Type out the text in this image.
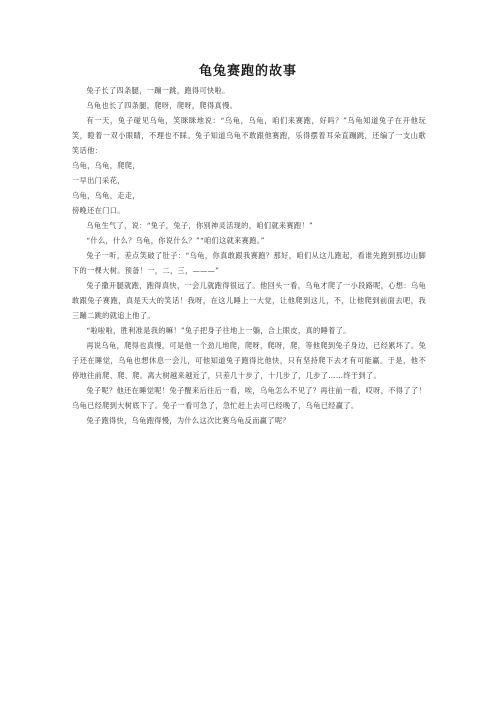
龟兔赛跑的故事

兔子长了四条腿，一蹦一跳，跑得可快啦。

乌龟也长了四条腿，爬呀，爬呀，爬得真慢。

有一天，兔子碰见乌龟，笑眯眯地说：“乌龟，乌龟，咱们来赛跑，好吗？”乌龟知道兔子在开他玩笑，瞪着一双小眼睛，不理也不睬。兔子知道乌龟不敢跟他赛跑，乐得摆着耳朵直蹦跳，还编了一支山歌笑话他：

乌龟，乌龟，爬爬，

一早出门采花，

乌龟，乌龟，走走，

傍晚还在门口。

乌龟生气了，说：“兔子，兔子，你别神灵活现的，咱们就来赛跑！”

“什么，什么？乌龟，你说什么？”“咱们这就来赛跑。”

兔子一听，差点笑破了肚子：“乌龟，你真敢跟我赛跑？那好，咱们从这儿跑起，看谁先跑到那边山脚下的一棵大树。预备！一，二，三，———”

兔子撒开腿就跑，跑得真快，一会儿就跑得很远了。他回头一看，乌龟才爬了一小段路呢，心想：乌龟敢跟兔子赛跑，真是天大的笑话！我呀，在这儿睡上一大觉，让他爬到这儿，不，让他爬到前面去吧，我三蹦二跳的就追上他了。

“啦啦啦，胜利准是我的嘛！”兔子把身子往地上一躺，合上眼皮，真的睡着了。

再说乌龟，爬得也真慢，可是他一个劲儿地爬，爬呀，爬呀，爬，等他爬到兔子身边，已经累坏了。兔子还在睡觉，乌龟也想休息一会儿，可他知道兔子跑得比他快，只有坚持爬下去才有可能赢。于是，他不停地往前爬、爬、爬。离大树越来越近了，只差几十步了，十几步了，几步了……终于到了。

兔子呢？他还在睡觉呢！兔子醒来后往后一看，唉，乌龟怎么不见了？再往前一看，哎呀，不得了了！乌龟已经爬到大树底下了。兔子一看可急了，急忙赶上去可已经晚了，乌龟已经赢了。

兔子跑得快，乌龟跑得慢，为什么这次比赛乌龟反而赢了呢？
